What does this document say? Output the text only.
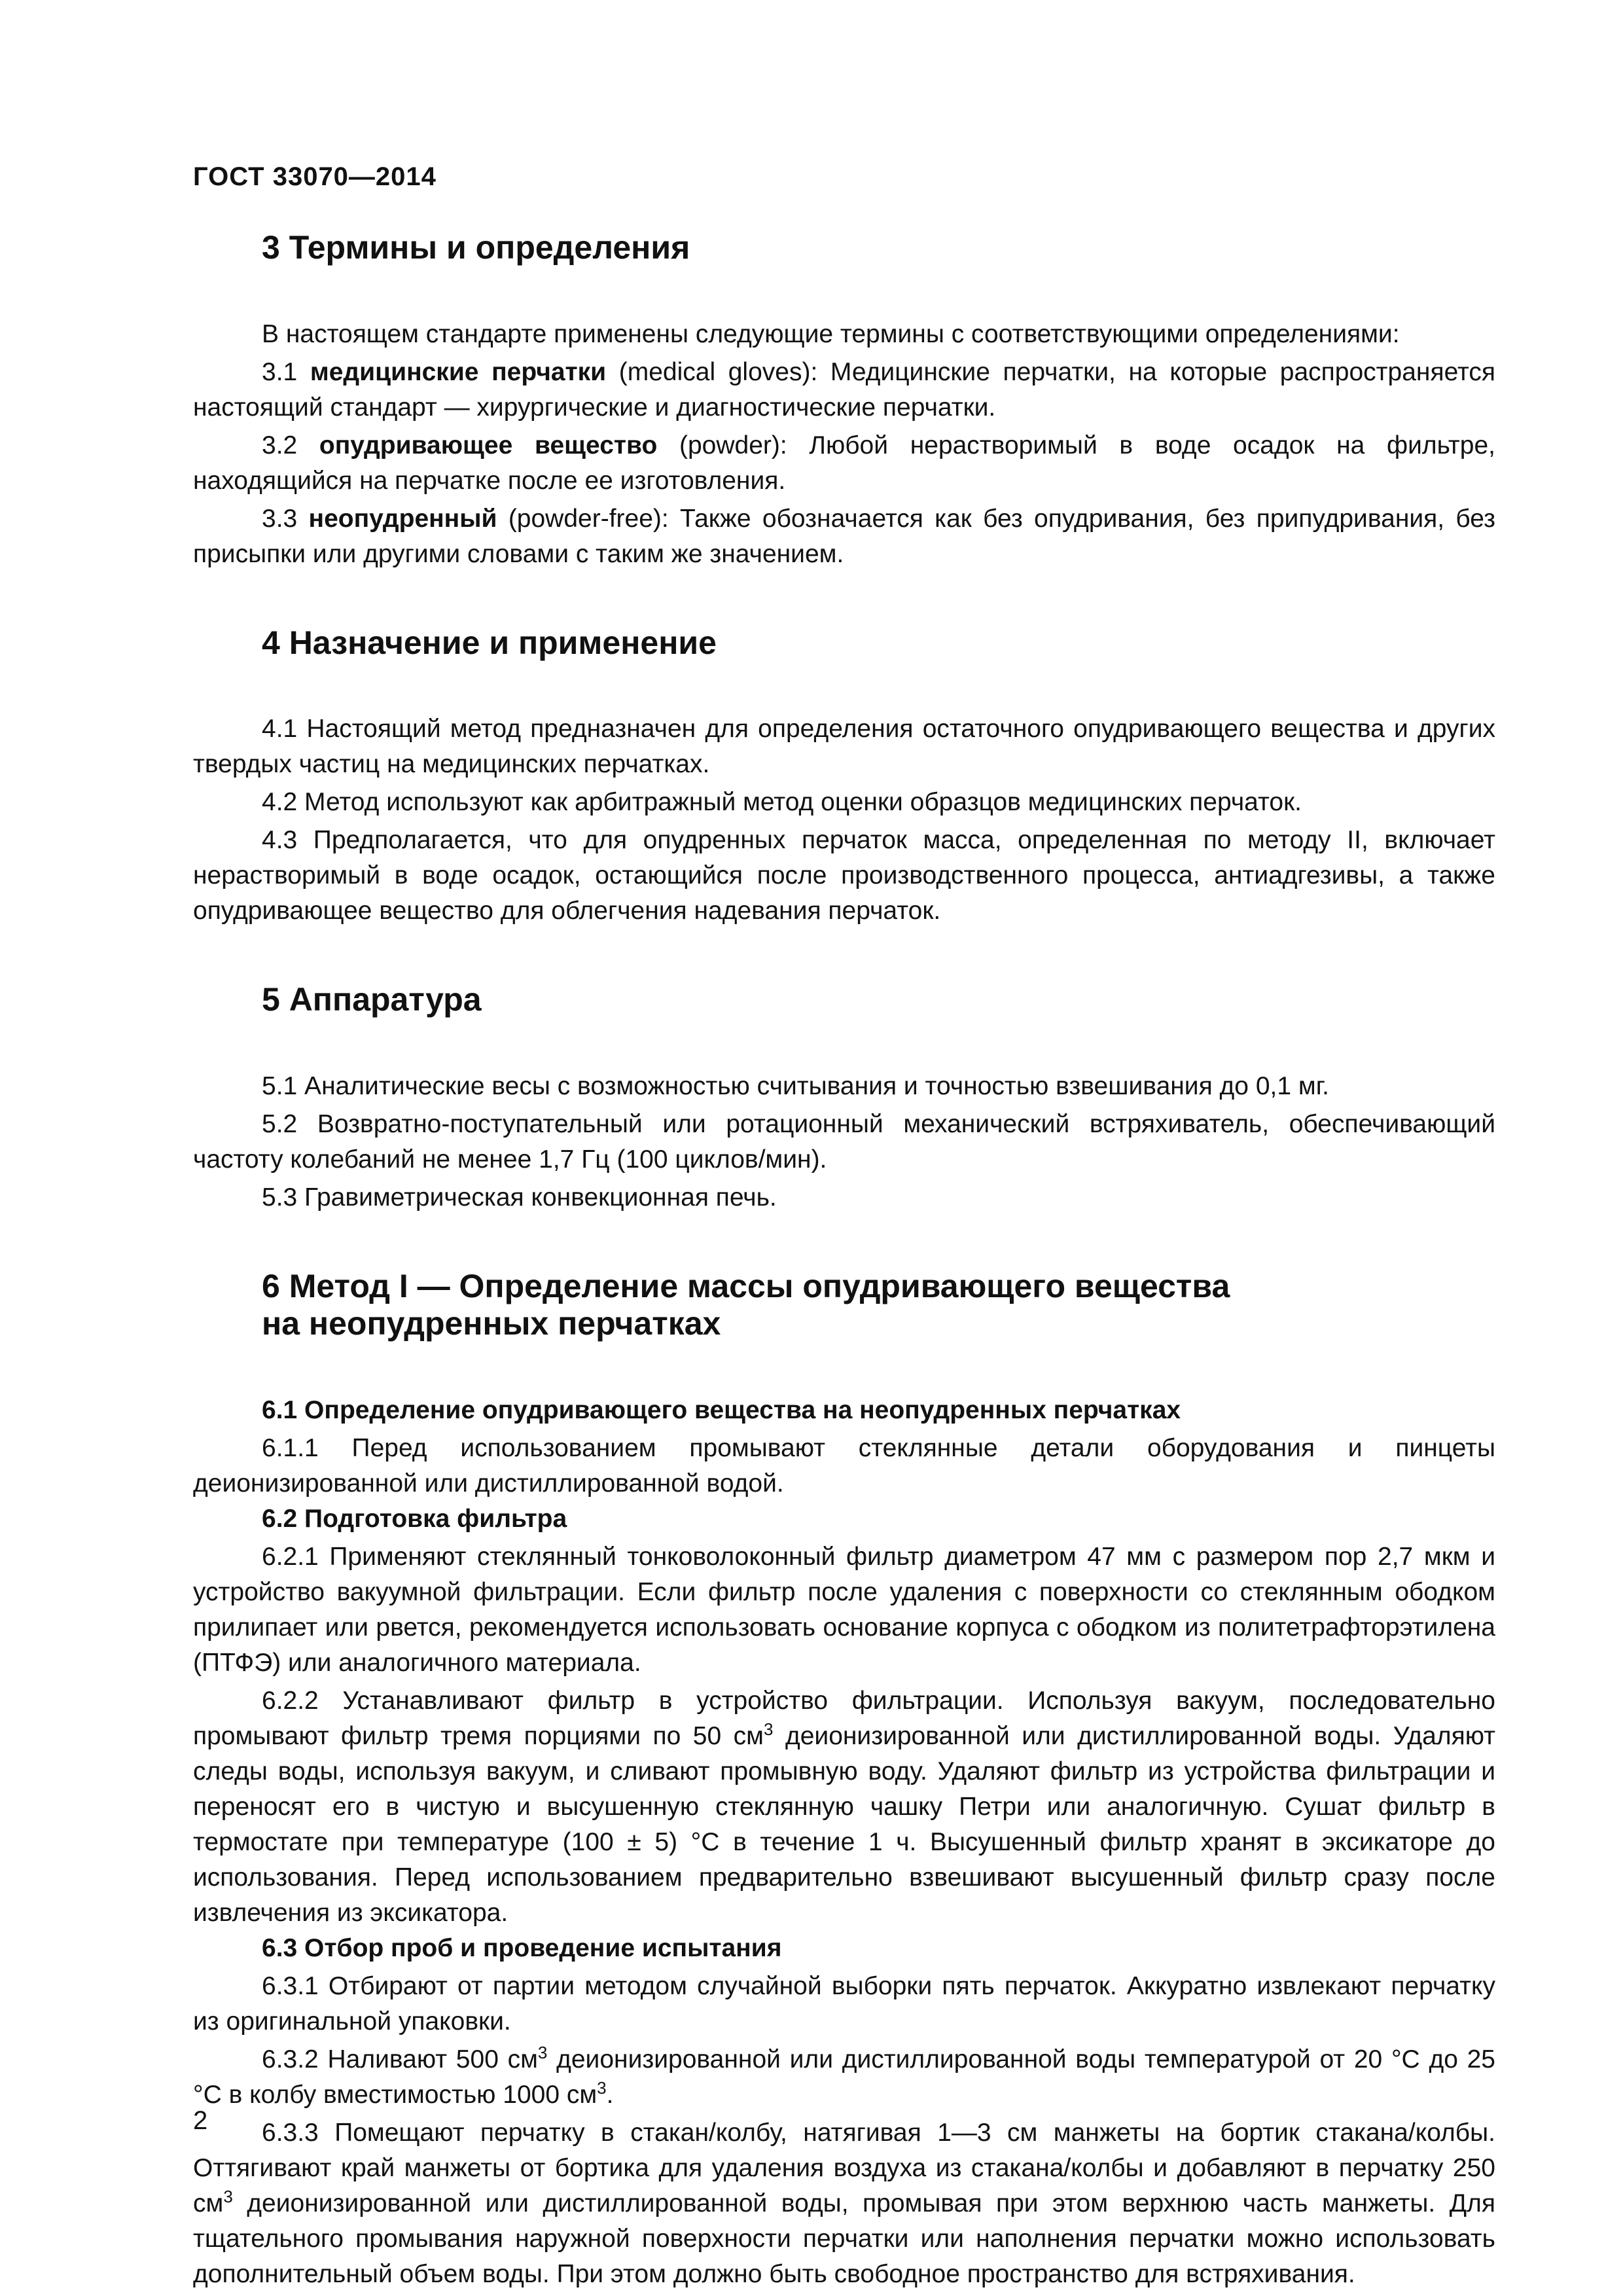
ГОСТ 33070—2014
3 Термины и определения

В настоящем стандарте применены следующие термины с соответствующими определениями:

3.1 медицинские перчатки (medical gloves): Медицинские перчатки, на которые распространяется настоящий стандарт — хирургические и диагностические перчатки.

3.2 опудривающее вещество (powder): Любой нерастворимый в воде осадок на фильтре, находящийся на перчатке после ее изготовления.

3.3 неопудренный (powder-free): Также обозначается как без опудривания, без припудривания, без присыпки или другими словами с таким же значением.

4 Назначение и применение

4.1 Настоящий метод предназначен для определения остаточного опудривающего вещества и других твердых частиц на медицинских перчатках.

4.2 Метод используют как арбитражный метод оценки образцов медицинских перчаток.

4.3 Предполагается, что для опудренных перчаток масса, определенная по методу II, включает нерастворимый в воде осадок, остающийся после производственного процесса, антиадгезивы, а также опудривающее вещество для облегчения надевания перчаток.

5 Аппаратура

5.1 Аналитические весы с возможностью считывания и точностью взвешивания до 0,1 мг.

5.2 Возвратно-поступательный или ротационный механический встряхиватель, обеспечивающий частоту колебаний не менее 1,7 Гц (100 циклов/мин).

5.3 Гравиметрическая конвекционная печь.

6 Метод I — Определение массы опудривающего вещества
на неопудренных перчатках
6.1 Определение опудривающего вещества на неопудренных перчатках

6.1.1 Перед использованием промывают стеклянные детали оборудования и пинцеты деионизированной или дистиллированной водой.

6.2 Подготовка фильтра

6.2.1 Применяют стеклянный тонковолоконный фильтр диаметром 47 мм с размером пор 2,7 мкм и устройство вакуумной фильтрации. Если фильтр после удаления с поверхности со стеклянным ободком прилипает или рвется, рекомендуется использовать основание корпуса с ободком из политетрафторэтилена (ПТФЭ) или аналогичного материала.

6.2.2 Устанавливают фильтр в устройство фильтрации. Используя вакуум, последовательно промывают фильтр тремя порциями по 50 $см^3$ деионизированной или дистиллированной воды. Удаляют следы воды, используя вакуум, и сливают промывную воду. Удаляют фильтр из устройства фильтрации и переносят его в чистую и высушенную стеклянную чашку Петри или аналогичную. Сушат фильтр в термостате при температуре (100 ± 5) °С в течение 1 ч. Высушенный фильтр хранят в эксикаторе до использования. Перед использованием предварительно взвешивают высушенный фильтр сразу после извлечения из эксикатора.

6.3 Отбор проб и проведение испытания

6.3.1 Отбирают от партии методом случайной выборки пять перчаток. Аккуратно извлекают перчатку из оригинальной упаковки.

6.3.2 Наливают 500 $см^3$ деионизированной или дистиллированной воды температурой от 20 °С до 25 °С в колбу вместимостью 1000 $см^3$.

6.3.3 Помещают перчатку в стакан/колбу, натягивая 1—3 см манжеты на бортик стакана/колбы. Оттягивают край манжеты от бортика для удаления воздуха из стакана/колбы и добавляют в перчатку 250 $см^3$ деионизированной или дистиллированной воды, промывая при этом верхнюю часть манжеты. Для тщательного промывания наружной поверхности перчатки или наполнения перчатки можно использовать дополнительный объем воды. При этом должно быть свободное пространство для встряхивания.

2
